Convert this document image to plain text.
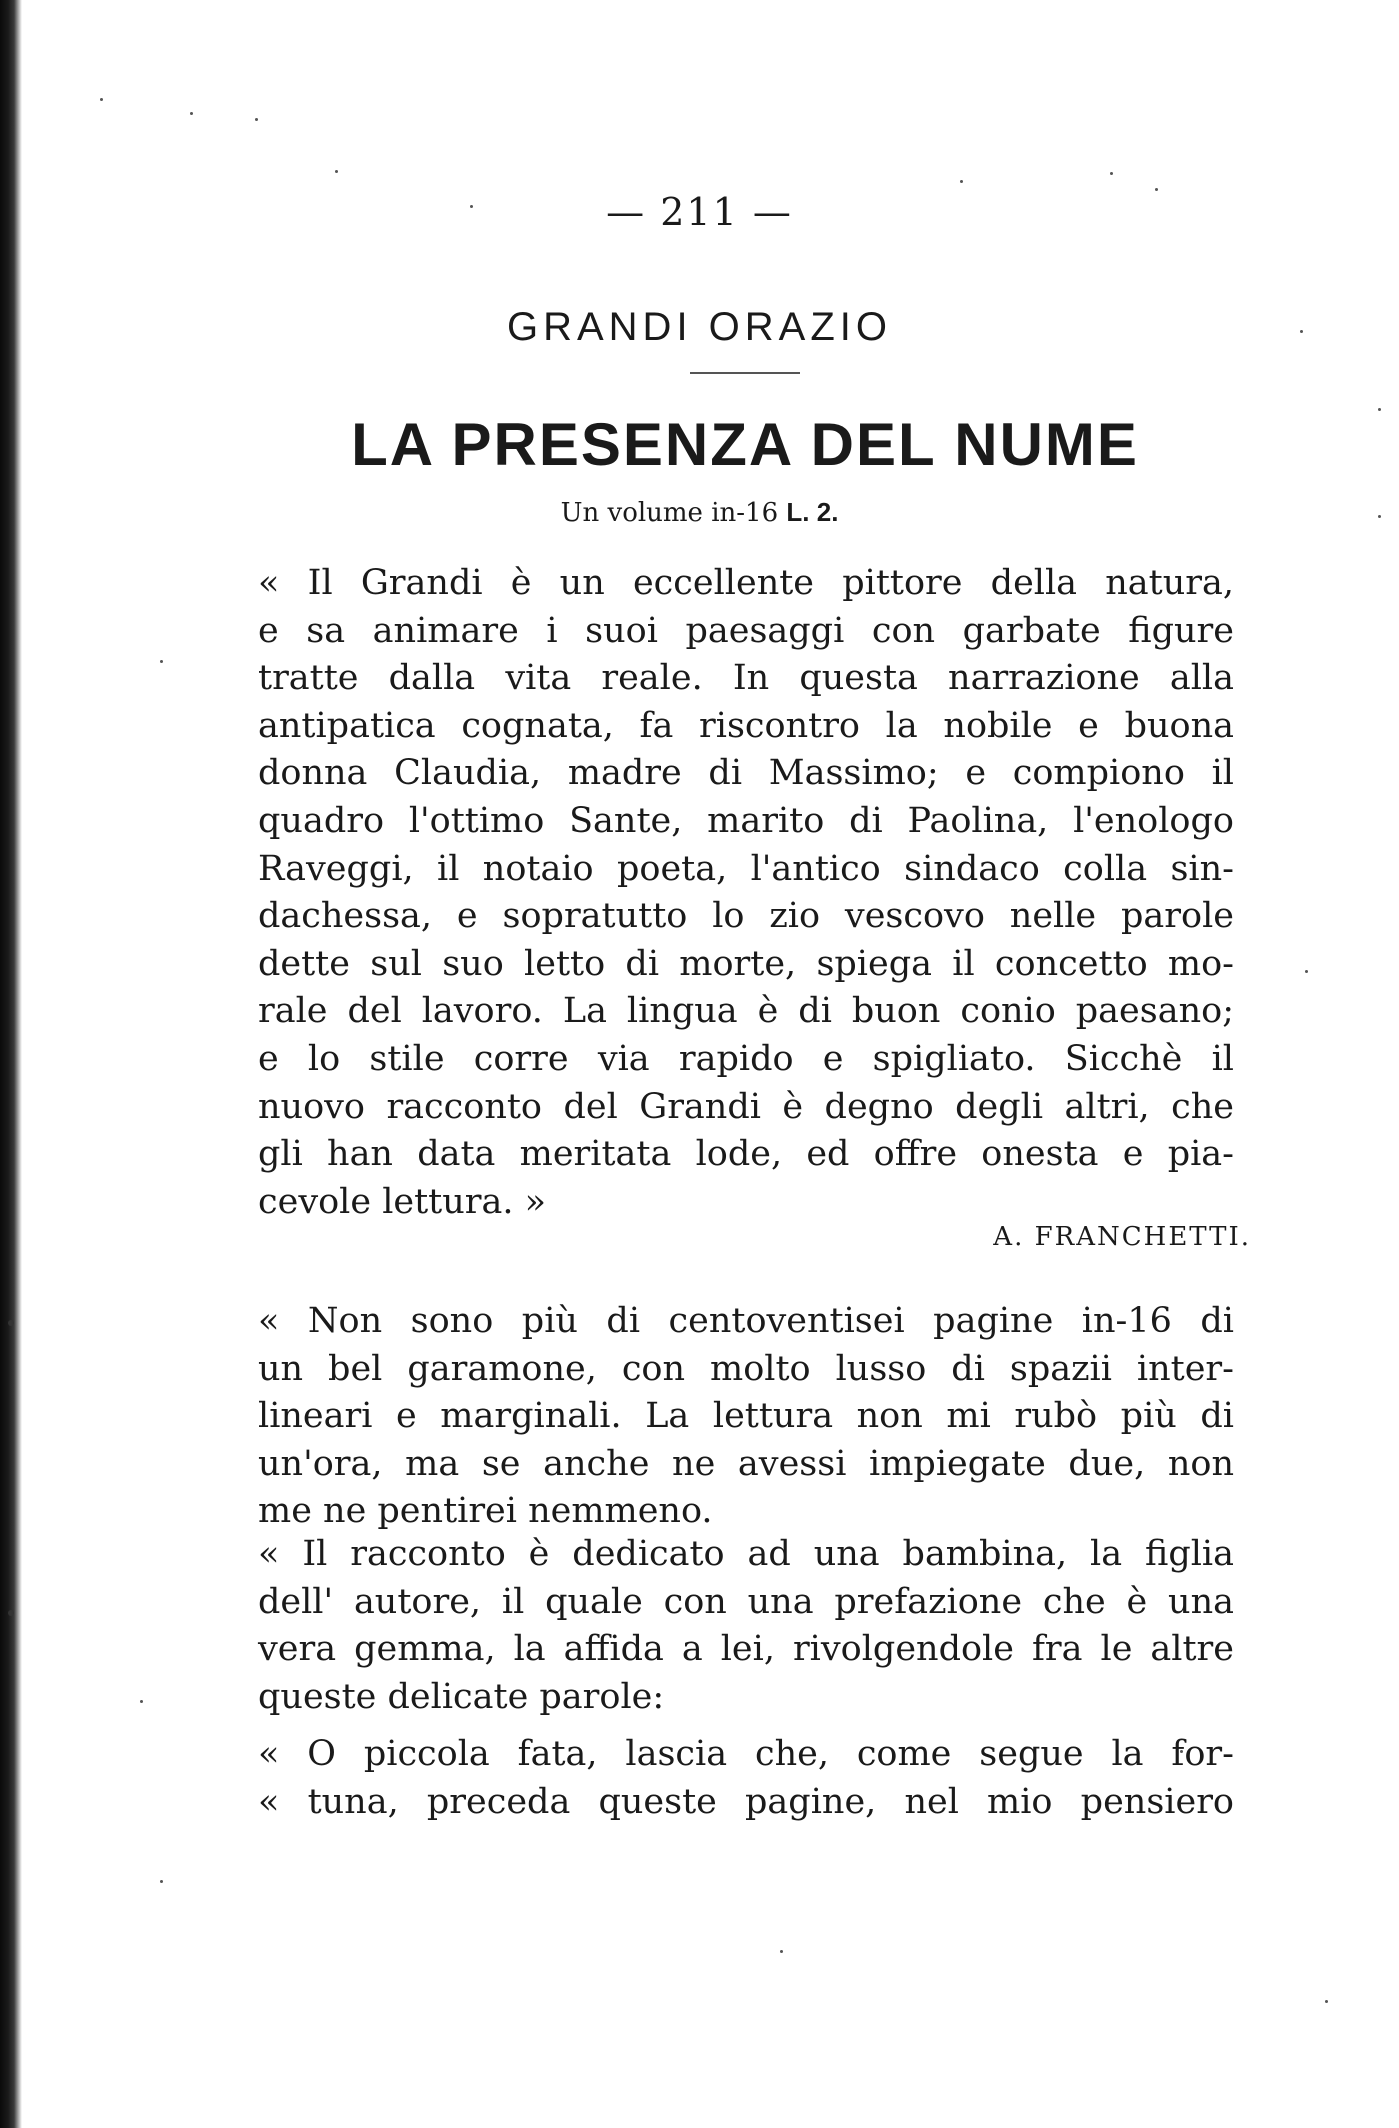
— 211 —
GRANDI ORAZIO
LA PRESENZA DEL NUME
Un volume in-16 L. 2.
« Il Grandi è un eccellente pittore della natura,
e sa animare i suoi paesaggi con garbate figure
tratte dalla vita reale. In questa narrazione alla
antipatica cognata, fa riscontro la nobile e buona
donna Claudia, madre di Massimo; e compiono il
quadro l'ottimo Sante, marito di Paolina, l'enologo
Raveggi, il notaio poeta, l'antico sindaco colla sin-
dachessa, e sopratutto lo zio vescovo nelle parole
dette sul suo letto di morte, spiega il concetto mo-
rale del lavoro. La lingua è di buon conio paesano;
e lo stile corre via rapido e spigliato. Sicchè il
nuovo racconto del Grandi è degno degli altri, che
gli han data meritata lode, ed offre onesta e pia-
cevole lettura. »
A. FRANCHETTI.
« Non sono più di centoventisei pagine in-16 di
un bel garamone, con molto lusso di spazii inter-
lineari e marginali. La lettura non mi rubò più di
un'ora, ma se anche ne avessi impiegate due, non
me ne pentirei nemmeno.
« Il racconto è dedicato ad una bambina, la figlia
dell' autore, il quale con una prefazione che è una
vera gemma, la affida a lei, rivolgendole fra le altre
queste delicate parole:
« O piccola fata, lascia che, come segue la for-
« tuna, preceda queste pagine, nel mio pensiero
